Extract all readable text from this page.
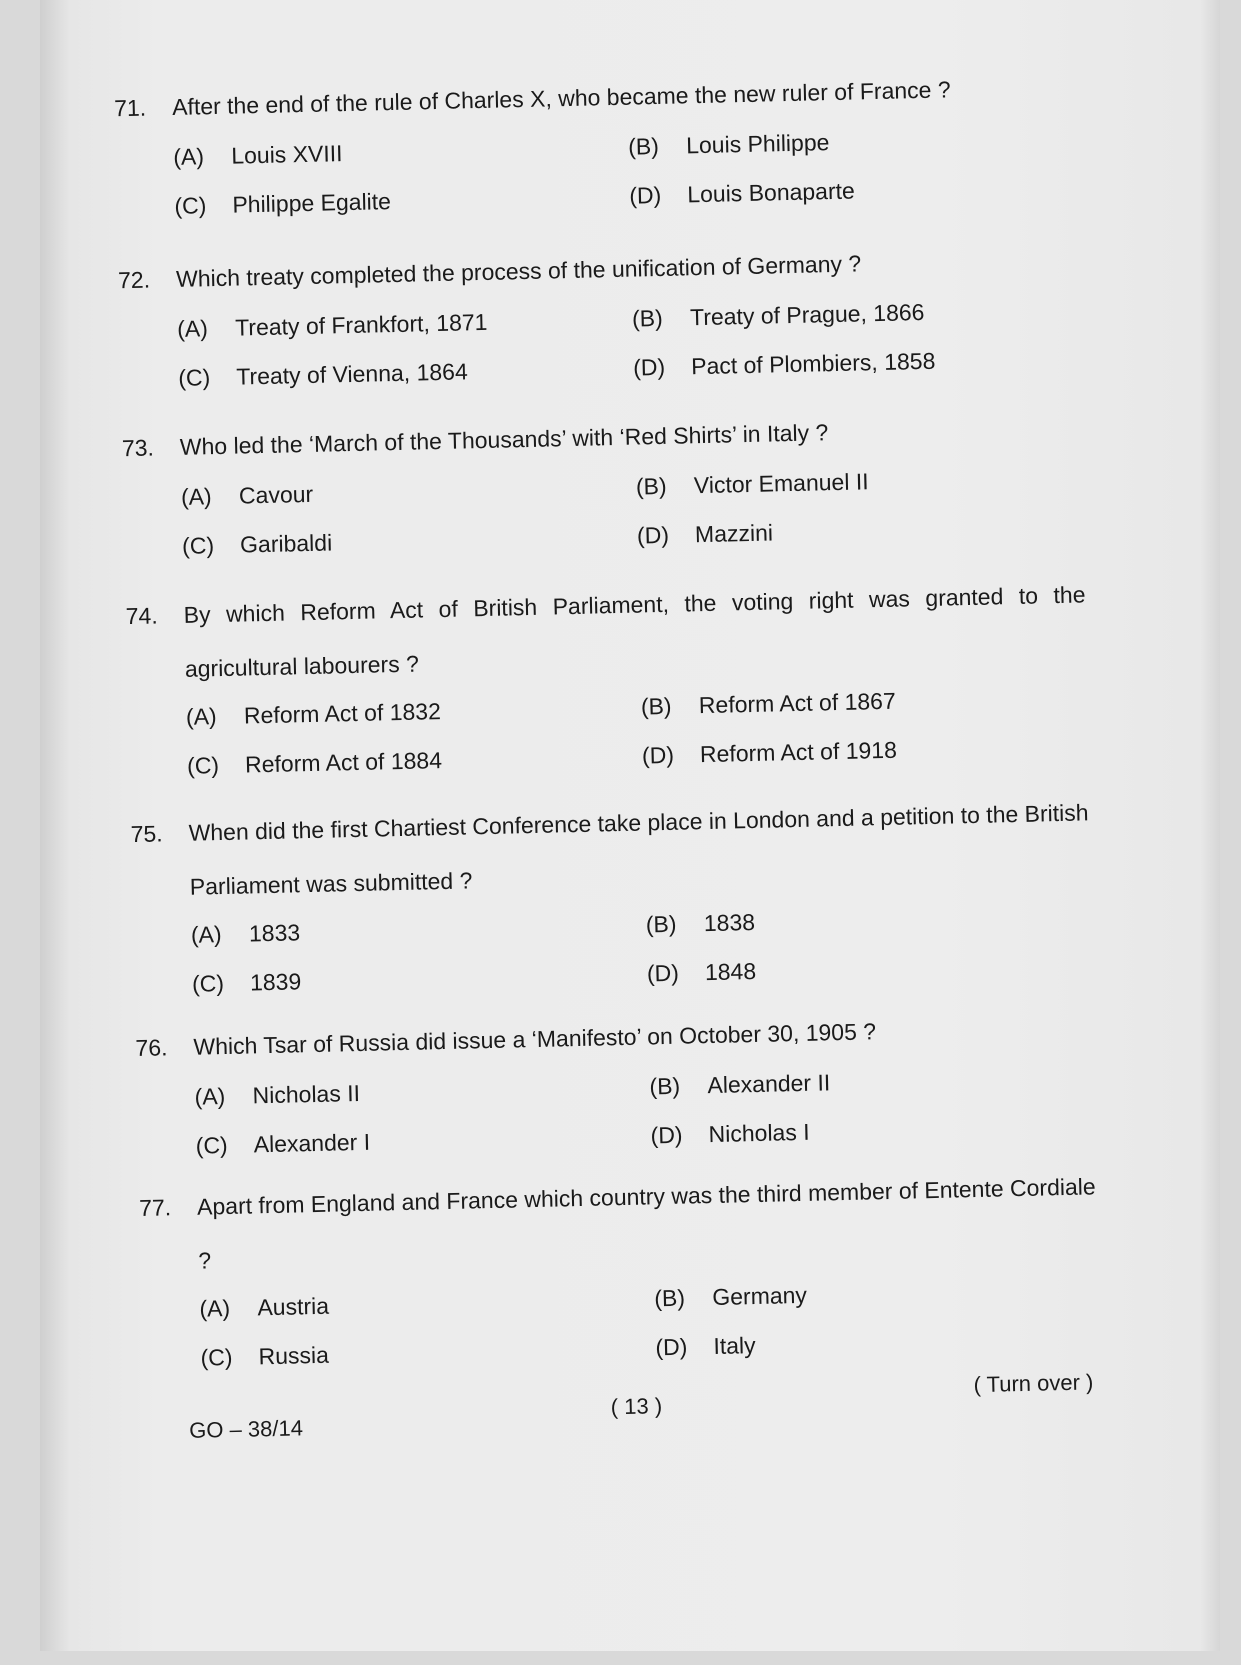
71.	After the end of the rule of Charles X, who became the new ruler of France ?
(A)	Louis XVIII	(B)	Louis Philippe
(C)	Philippe Egalite	(D)	Louis Bonaparte
72.	Which treaty completed the process of the unification of Germany ?
(A)	Treaty of Frankfort, 1871	(B)	Treaty of Prague, 1866
(C)	Treaty of Vienna, 1864	(D)	Pact of Plombiers, 1858
73.	Who led the ‘March of the Thousands’ with ‘Red Shirts’ in Italy ?
(A)	Cavour	(B)	Victor Emanuel II
(C)	Garibaldi	(D)	Mazzini
74.	By which Reform Act of British Parliament, the voting right was granted to the agricultural labourers ?
(A)	Reform Act of 1832	(B)	Reform Act of 1867
(C)	Reform Act of 1884	(D)	Reform Act of 1918
75.	When did the first Chartiest Conference take place in London and a petition to the British Parliament was submitted ?
(A)	1833	(B)	1838
(C)	1839	(D)	1848
76.	Which Tsar of Russia did issue a ‘Manifesto’ on October 30, 1905 ?
(A)	Nicholas II	(B)	Alexander II
(C)	Alexander I	(D)	Nicholas I
77.	Apart from England and France which country was the third member of Entente Cordiale ?
(A)	Austria	(B)	Germany
(C)	Russia	(D)	Italy
GO – 38/14
( 13 )
( Turn over )
